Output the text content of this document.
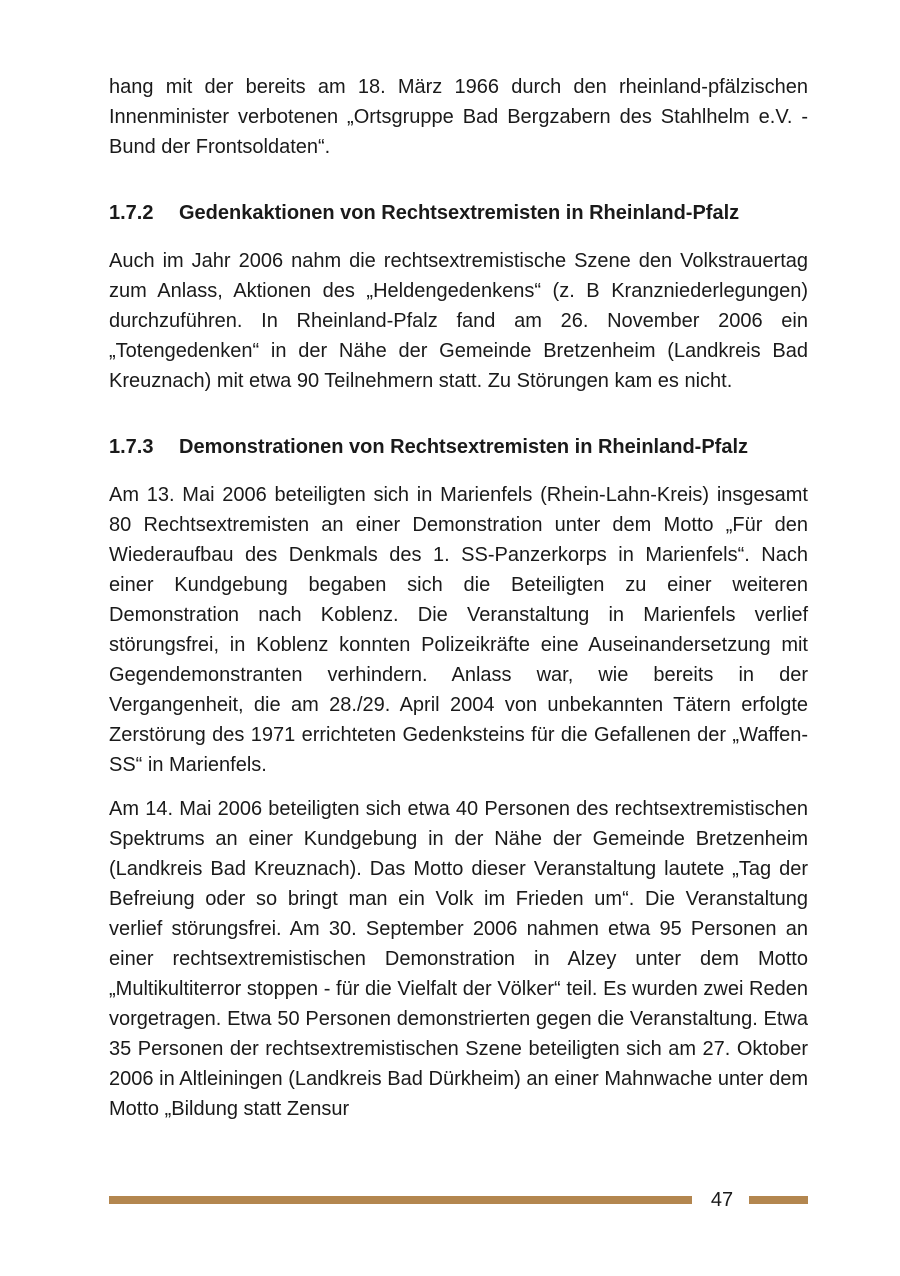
hang mit der bereits am 18. März 1966 durch den rheinland-pfälzischen Innenminister verbotenen „Ortsgruppe Bad Bergzabern des Stahlhelm e.V. - Bund der Frontsoldaten“.

1.7.2	Gedenkaktionen von Rechtsextremisten in Rheinland-Pfalz

Auch im Jahr 2006 nahm die rechtsextremistische Szene den Volkstrauertag zum Anlass, Aktionen des „Heldengedenkens“ (z. B Kranzniederlegungen) durchzuführen. In Rheinland-Pfalz fand am 26. November 2006 ein „Totengedenken“ in der Nähe der Gemeinde Bretzenheim (Landkreis Bad Kreuznach) mit etwa 90 Teilnehmern statt. Zu Störungen kam es nicht.

1.7.3	Demonstrationen von Rechtsextremisten in Rheinland-Pfalz

Am 13. Mai 2006 beteiligten sich in Marienfels (Rhein-Lahn-Kreis) insgesamt 80 Rechtsextremisten an einer Demonstration unter dem Motto „Für den Wiederaufbau des Denkmals des 1. SS-Panzerkorps in Marienfels“. Nach einer Kundgebung begaben sich die Beteiligten zu einer weiteren Demonstration nach Koblenz. Die Veranstaltung in Marienfels verlief störungsfrei, in Koblenz konnten Polizeikräfte eine Auseinandersetzung mit Gegendemonstranten verhindern. Anlass war, wie bereits in der Vergangenheit, die am 28./29. April 2004 von unbekannten Tätern erfolgte Zerstörung des 1971 errichteten Gedenksteins für die Gefallenen der „Waffen-SS“ in Marienfels.

Am 14. Mai 2006 beteiligten sich etwa 40 Personen des rechtsextremistischen Spektrums an einer Kundgebung in der Nähe der Gemeinde Bretzenheim (Landkreis Bad Kreuznach). Das Motto dieser Veranstaltung lautete „Tag der Befreiung oder so bringt man ein Volk im Frieden um“. Die Veranstaltung verlief störungsfrei. Am 30. September 2006 nahmen etwa 95 Personen an einer rechtsextremistischen Demonstration in Alzey unter dem Motto „Multikultiterror stoppen - für die Vielfalt der Völker“ teil. Es wurden zwei Reden vorgetragen. Etwa 50 Personen demonstrierten gegen die Veranstaltung. Etwa 35 Personen der rechtsextremistischen Szene beteiligten sich am 27. Oktober 2006 in Altleiningen (Landkreis Bad Dürkheim) an einer Mahnwache unter dem Motto „Bildung statt Zensur

47
